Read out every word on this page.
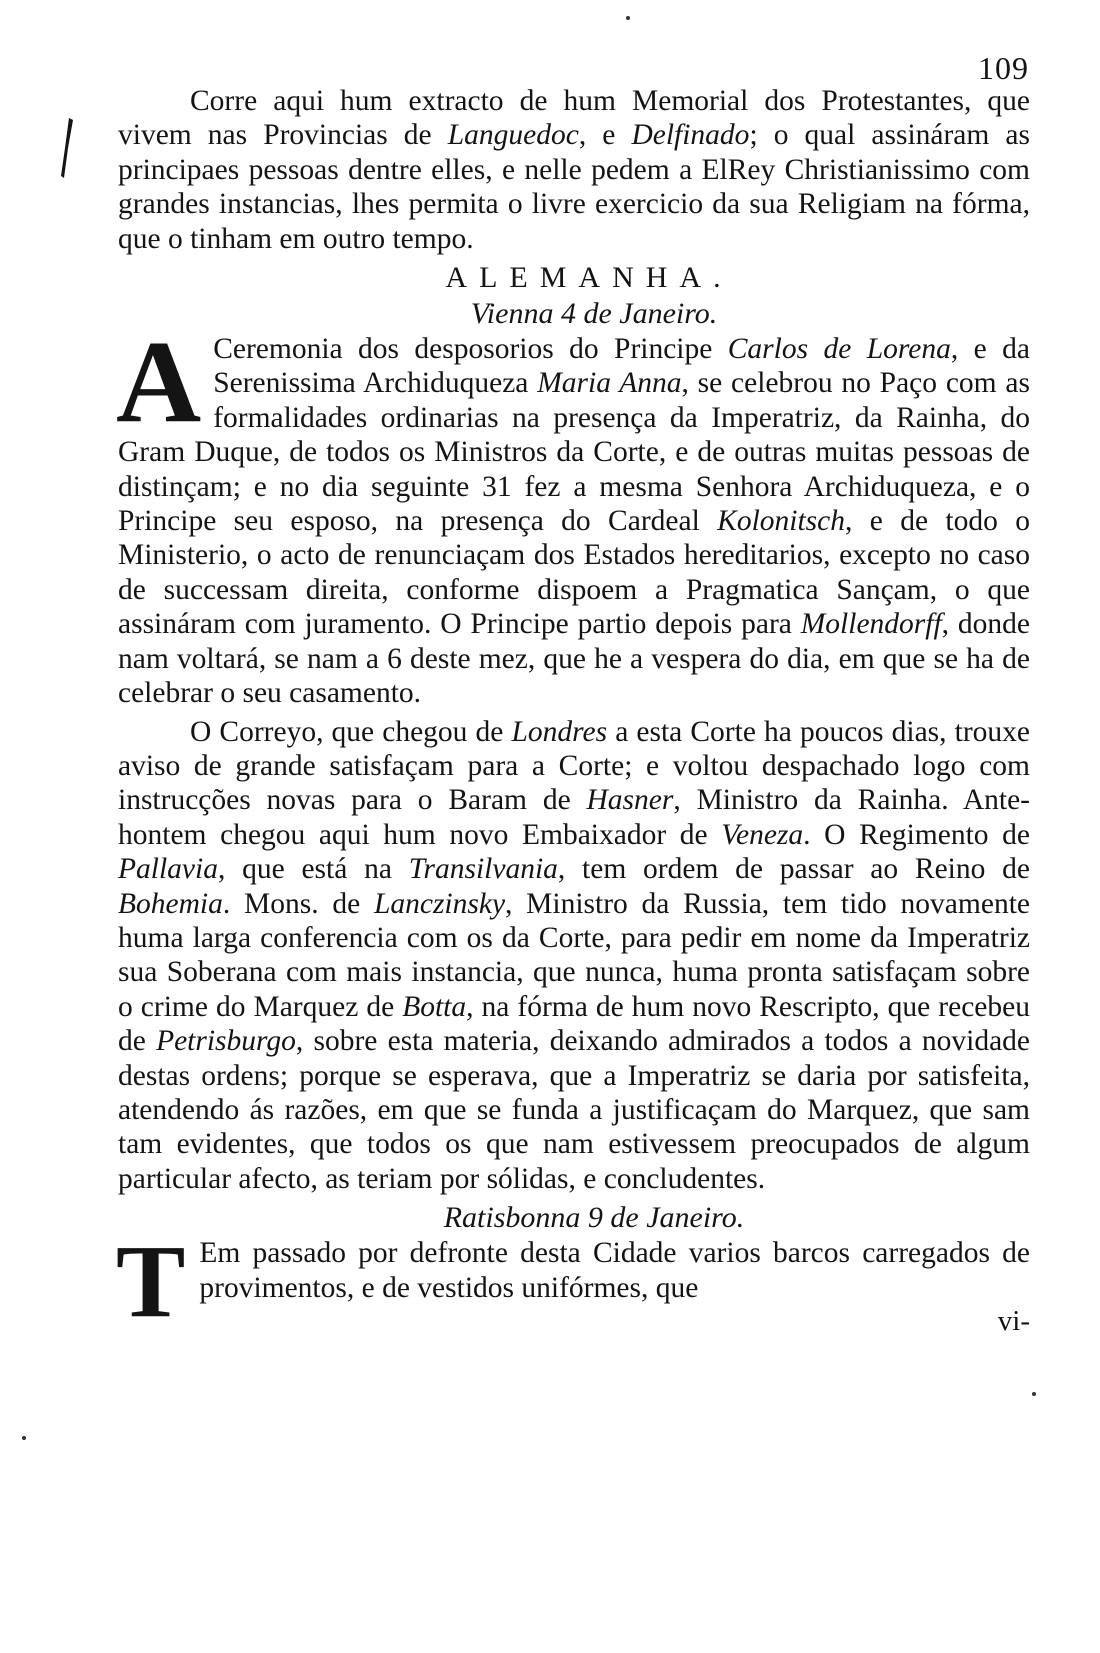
109

Corre aqui hum extracto de hum Memorial dos Protestantes, que vivem nas Provincias de Languedoc, e Delfinado; o qual assináram as principaes pessoas dentre elles, e nelle pedem a ElRey Christianissimo com grandes instancias, lhes permita o livre exercicio da sua Religiam na fórma, que o tinham em outro tempo.

ALEMANHA.
Vienna 4 de Janeiro.

A Ceremonia dos desposorios do Principe Carlos de Lorena, e da Serenissima Archiduqueza Maria Anna, se celebrou no Paço com as formalidades ordinarias na presença da Imperatriz, da Rainha, do Gram Duque, de todos os Ministros da Corte, e de outras muitas pessoas de distinçam; e no dia seguinte 31 fez a mesma Senhora Archiduqueza, e o Principe seu esposo, na presença do Cardeal Kolonitsch, e de todo o Ministerio, o acto de renunciaçam dos Estados hereditarios, excepto no caso de successam direita, conforme dispoem a Pragmatica Sançam, o que assináram com juramento. O Principe partio depois para Mollendorff, donde nam voltará, se nam a 6 deste mez, que he a vespera do dia, em que se ha de celebrar o seu casamento.

O Correyo, que chegou de Londres a esta Corte ha poucos dias, trouxe aviso de grande satisfaçam para a Corte; e voltou despachado logo com instrucções novas para o Baram de Hasner, Ministro da Rainha. Ante-hontem chegou aqui hum novo Embaixador de Veneza. O Regimento de Pallavia, que está na Transilvania, tem ordem de passar ao Reino de Bohemia. Mons. de Lanczinsky, Ministro da Russia, tem tido novamente huma larga conferencia com os da Corte, para pedir em nome da Imperatriz sua Soberana com mais instancia, que nunca, huma pronta satisfaçam sobre o crime do Marquez de Botta, na fórma de hum novo Rescripto, que recebeu de Petrisburgo, sobre esta materia, deixando admirados a todos a novidade destas ordens; porque se esperava, que a Imperatriz se daria por satisfeita, atendendo ás razões, em que se funda a justificaçam do Marquez, que sam tam evidentes, que todos os que nam estivessem preocupados de algum particular afecto, as teriam por sólidas, e concludentes.

Ratisbonna 9 de Janeiro.

T Em passado por defronte desta Cidade varios barcos carregados de provimentos, e de vestidos unifórmes, que

vi-
